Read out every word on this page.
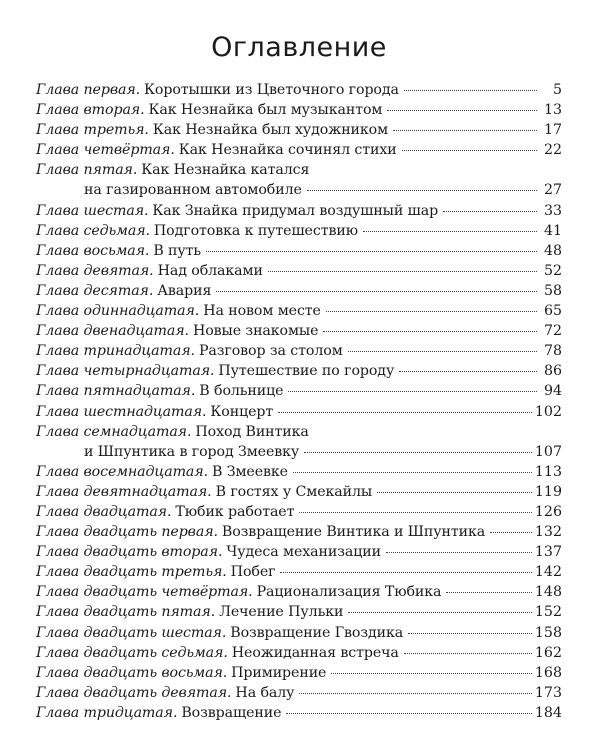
Оглавление
Глава первая. Коротышки из Цветочного города	5
Глава вторая. Как Незнайка был музыкантом	13
Глава третья. Как Незнайка был художником	17
Глава четвёртая. Как Незнайка сочинял стихи	22
Глава пятая. Как Незнайка катался
на газированном автомобиле	27
Глава шестая. Как Знайка придумал воздушный шар	33
Глава седьмая. Подготовка к путешествию	41
Глава восьмая. В путь	48
Глава девятая. Над облаками	52
Глава десятая. Авария	58
Глава одиннадцатая. На новом месте	65
Глава двенадцатая. Новые знакомые	72
Глава тринадцатая. Разговор за столом	78
Глава четырнадцатая. Путешествие по городу	86
Глава пятнадцатая. В больнице	94
Глава шестнадцатая. Концерт	102
Глава семнадцатая. Поход Винтика
и Шпунтика в город Змеевку	107
Глава восемнадцатая. В Змеевке	113
Глава девятнадцатая. В гостях у Смекайлы	119
Глава двадцатая. Тюбик работает	126
Глава двадцать первая. Возвращение Винтика и Шпунтика	132
Глава двадцать вторая. Чудеса механизации	137
Глава двадцать третья. Побег	142
Глава двадцать четвёртая. Рационализация Тюбика	148
Глава двадцать пятая. Лечение Пульки	152
Глава двадцать шестая. Возвращение Гвоздика	158
Глава двадцать седьмая. Неожиданная встреча	162
Глава двадцать восьмая. Примирение	168
Глава двадцать девятая. На балу	173
Глава тридцатая. Возвращение	184
